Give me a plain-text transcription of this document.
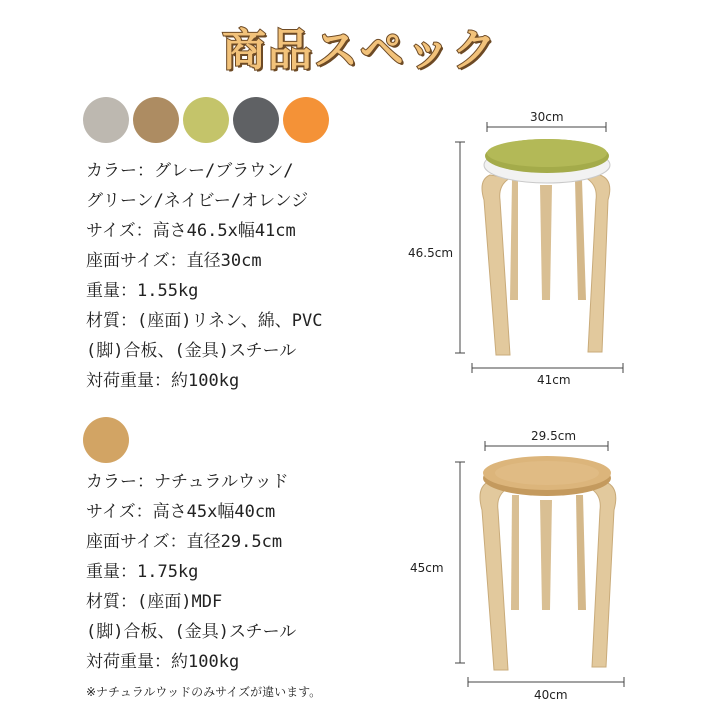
商品スペック
カラー：グレー/ブラウン/
グリーン/ネイビー/オレンジ
サイズ：高さ46.5x幅41cm
座面サイズ：直径30cm
重量：1.55kg
材質：(座面)リネン、綿、PVC
(脚)合板、(金具)スチール
対荷重量：約100kg
30cm
46.5cm
41cm
カラー：ナチュラルウッド
サイズ：高さ45x幅40cm
座面サイズ：直径29.5cm
重量：1.75kg
材質：(座面)MDF
(脚)合板、(金具)スチール
対荷重量：約100kg
29.5cm
45cm
40cm
※ナチュラルウッドのみサイズが違います。
